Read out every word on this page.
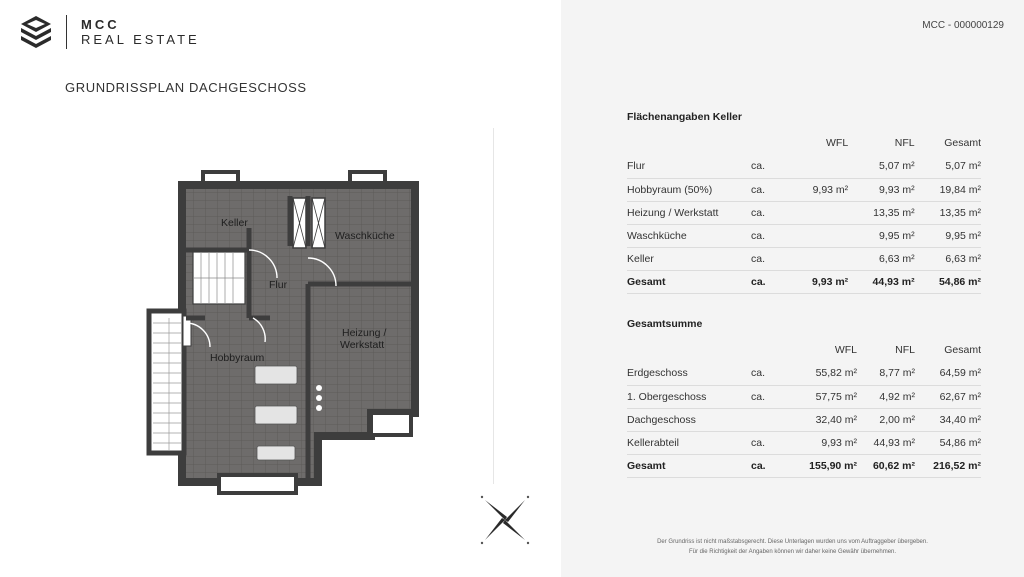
MCC
REAL ESTATE
GRUNDRISSPLAN DACHGESCHOSS
Keller
Waschküche
Flur
Heizung /
Werkstatt
Hobbyraum
MCC - 000000129
Flächenangaben Keller
		WFL	NFL	Gesamt
Flur	ca.		5,07 m²	5,07 m²
Hobbyraum (50%)	ca.	9,93 m²	9,93 m²	19,84 m²
Heizung / Werkstatt	ca.		13,35 m²	13,35 m²
Waschküche	ca.		9,95 m²	9,95 m²
Keller	ca.		6,63 m²	6,63 m²
Gesamt	ca.	9,93 m²	44,93 m²	54,86 m²
Gesamtsumme
		WFL	NFL	Gesamt
Erdgeschoss	ca.	55,82 m²	8,77 m²	64,59 m²
1. Obergeschoss	ca.	57,75 m²	4,92 m²	62,67 m²
Dachgeschoss		32,40 m²	2,00 m²	34,40 m²
Kellerabteil	ca.	9,93 m²	44,93 m²	54,86 m²
Gesamt	ca.	155,90 m²	60,62 m²	216,52 m²
Der Grundriss ist nicht maßstabsgerecht. Diese Unterlagen wurden uns vom Auftraggeber übergeben.
Für die Richtigkeit der Angaben können wir daher keine Gewähr übernehmen.
